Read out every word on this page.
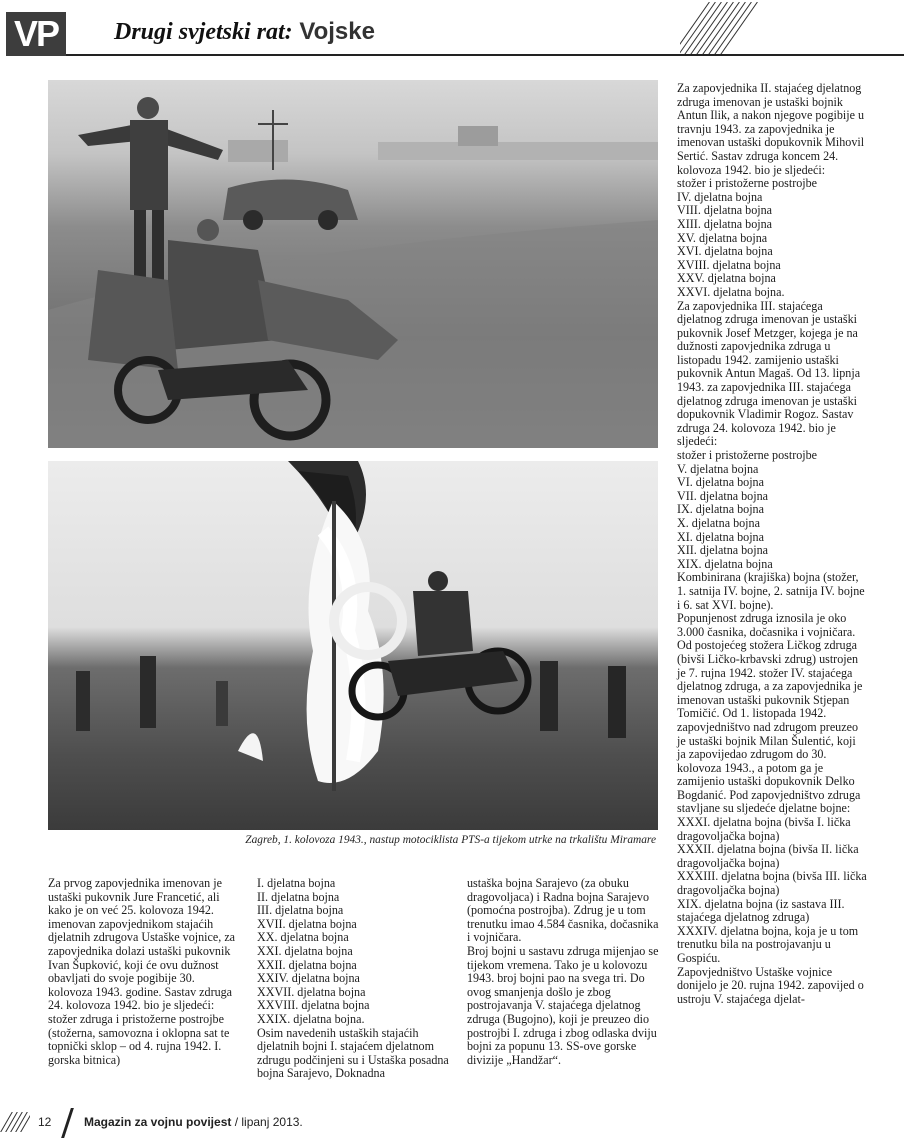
VP	Drugi svjetski rat: Vojske
Zagreb, 1. kolovoza 1943., nastup motociklista PTS-a tijekom utrke na trkalištu Miramare

Za zapovjednika II. stajaćeg djelatnog zdruga imenovan je ustaški bojnik Antun Ilik, a nakon njegove pogibije u travnju 1943. za zapovjednika je imenovan ustaški dopukovnik Mihovil Sertić. Sastav zdruga koncem 24. kolovoza 1942. bio je sljedeći:

stožer i pristožerne postrojbe

IV. djelatna bojna

VIII. djelatna bojna

XIII. djelatna bojna

XV. djelatna bojna

XVI. djelatna bojna

XVIII. djelatna bojna

XXV. djelatna bojna

XXVI. djelatna bojna.

Za zapovjednika III. stajaćega djelatnog zdruga imenovan je ustaški pukovnik Josef Metzger, kojega je na dužnosti zapovjednika zdruga u listopadu 1942. zamijenio ustaški pukovnik Antun Magaš. Od 13. lipnja 1943. za zapovjednika III. stajaćega djelatnog zdruga imenovan je ustaški dopukovnik Vladimir Rogoz. Sastav zdruga 24. kolovoza 1942. bio je sljedeći:

stožer i pristožerne postrojbe

V. djelatna bojna

VI. djelatna bojna

VII. djelatna bojna

IX. djelatna bojna

X. djelatna bojna

XI. djelatna bojna

XII. djelatna bojna

XIX. djelatna bojna

Kombinirana (krajiška) bojna (stožer, 1. satnija IV. bojne, 2. satnija IV. bojne i 6. sat XVI. bojne).

Popunjenost zdruga iznosila je oko 3.000 časnika, dočasnika i vojničara.

Od postojećeg stožera Ličkog zdruga (bivši Ličko-krbavski zdrug) ustrojen je 7. rujna 1942. stožer IV. stajaćega djelatnog zdruga, a za zapovjednika je imenovan ustaški pukovnik Stjepan Tomičić. Od 1. listopada 1942. zapovjedništvo nad zdrugom preuzeo je ustaški bojnik Milan Šulentić, koji ja zapovijedao zdrugom do 30. kolovoza 1943., a potom ga je zamijenio ustaški dopukovnik Delko Bogdanić. Pod zapovjedništvo zdruga stavljane su sljedeće djelatne bojne:

XXXI. djelatna bojna (bivša I. lička dragovoljačka bojna)

XXXII. djelatna bojna (bivša II. lička dragovoljačka bojna)

XXXIII. djelatna bojna (bivša III. lička dragovoljačka bojna)

XIX. djelatna bojna (iz sastava III. stajaćega djelatnog zdruga)

XXXIV. djelatna bojna, koja je u tom trenutku bila na postrojavanju u Gospiću.

Zapovjedništvo Ustaške vojnice donijelo je 20. rujna 1942. zapovijed o ustroju V. stajaćega djelat-

Za prvog zapovjednika imenovan je ustaški pukovnik Jure Francetić, ali kako je on već 25. kolovoza 1942. imenovan zapovjednikom stajaćih djelatnih zdrugova Ustaške vojnice, za zapovjednika dolazi ustaški pukovnik Ivan Šupković, koji će ovu dužnost obavljati do svoje pogibije 30. kolovoza 1943. godine. Sastav zdruga 24. kolovoza 1942. bio je sljedeći:

stožer zdruga i pristožerne postrojbe (stožerna, samovozna i oklopna sat te topnički sklop – od 4. rujna 1942. I. gorska bitnica)

I. djelatna bojna

II. djelatna bojna

III. djelatna bojna

XVII. djelatna bojna

XX. djelatna bojna

XXI. djelatna bojna

XXII. djelatna bojna

XXIV. djelatna bojna

XXVII. djelatna bojna

XXVIII. djelatna bojna

XXIX. djelatna bojna.

Osim navedenih ustaških stajaćih djelatnih bojni I. stajaćem djelatnom zdrugu podčinjeni su i Ustaška posadna bojna Sarajevo, Doknadna

ustaška bojna Sarajevo (za obuku dragovoljaca) i Radna bojna Sarajevo (pomoćna postrojba). Zdrug je u tom trenutku imao 4.584 časnika, dočasnika i vojničara.

Broj bojni u sastavu zdruga mijenjao se tijekom vremena. Tako je u kolovozu 1943. broj bojni pao na svega tri. Do ovog smanjenja došlo je zbog postrojavanja V. stajaćega djelatnog zdruga (Bugojno), koji je preuzeo dio postrojbi I. zdruga i zbog odlaska dviju bojni za popunu 13. SS-ove gorske divizije „Handžar“.

12	Magazin za vojnu povijest / lipanj 2013.
